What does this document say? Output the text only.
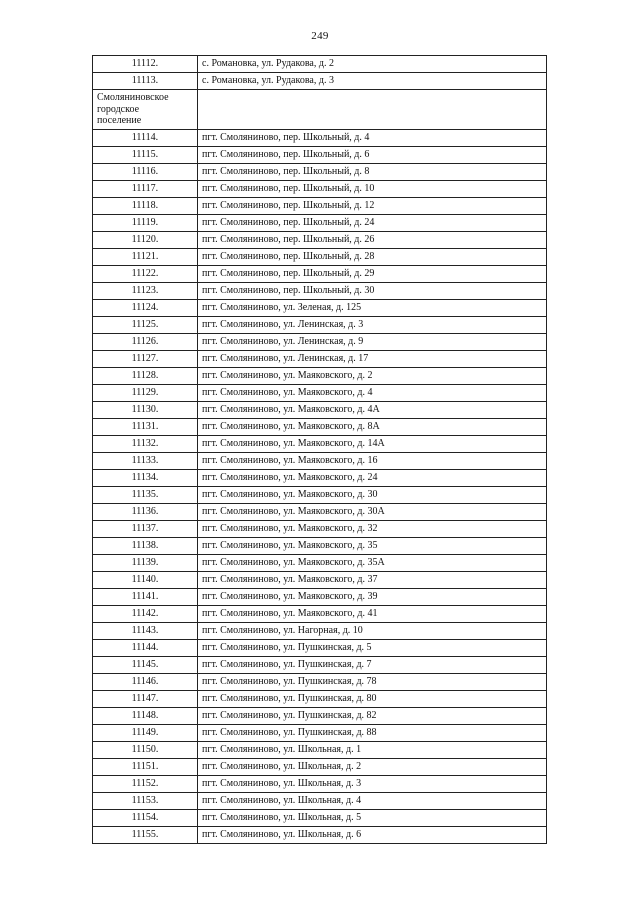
249
11112.	с. Романовка, ул. Рудакова, д. 2
11113.	с. Романовка, ул. Рудакова, д. 3

Смоляниновское
городское
поселение	

11114.	пгт. Смоляниново, пер. Школьный, д. 4
11115.	пгт. Смоляниново, пер. Школьный, д. 6
11116.	пгт. Смоляниново, пер. Школьный, д. 8
11117.	пгт. Смоляниново, пер. Школьный, д. 10
11118.	пгт. Смоляниново, пер. Школьный, д. 12
11119.	пгт. Смоляниново, пер. Школьный, д. 24
11120.	пгт. Смоляниново, пер. Школьный, д. 26
11121.	пгт. Смоляниново, пер. Школьный, д. 28
11122.	пгт. Смоляниново, пер. Школьный, д. 29
11123.	пгт. Смоляниново, пер. Школьный, д. 30
11124.	пгт. Смоляниново, ул. Зеленая, д. 125
11125.	пгт. Смоляниново, ул. Ленинская, д. 3
11126.	пгт. Смоляниново, ул. Ленинская, д. 9
11127.	пгт. Смоляниново, ул. Ленинская, д. 17
11128.	пгт. Смоляниново, ул. Маяковского, д. 2
11129.	пгт. Смоляниново, ул. Маяковского, д. 4
11130.	пгт. Смоляниново, ул. Маяковского, д. 4А
11131.	пгт. Смоляниново, ул. Маяковского, д. 8А
11132.	пгт. Смоляниново, ул. Маяковского, д. 14А
11133.	пгт. Смоляниново, ул. Маяковского, д. 16
11134.	пгт. Смоляниново, ул. Маяковского, д. 24
11135.	пгт. Смоляниново, ул. Маяковского, д. 30
11136.	пгт. Смоляниново, ул. Маяковского, д. 30А
11137.	пгт. Смоляниново, ул. Маяковского, д. 32
11138.	пгт. Смоляниново, ул. Маяковского, д. 35
11139.	пгт. Смоляниново, ул. Маяковского, д. 35А
11140.	пгт. Смоляниново, ул. Маяковского, д. 37
11141.	пгт. Смоляниново, ул. Маяковского, д. 39
11142.	пгт. Смоляниново, ул. Маяковского, д. 41
11143.	пгт. Смоляниново, ул. Нагорная, д. 10
11144.	пгт. Смоляниново, ул. Пушкинская, д. 5
11145.	пгт. Смоляниново, ул. Пушкинская, д. 7
11146.	пгт. Смоляниново, ул. Пушкинская, д. 78
11147.	пгт. Смоляниново, ул. Пушкинская, д. 80
11148.	пгт. Смоляниново, ул. Пушкинская, д. 82
11149.	пгт. Смоляниново, ул. Пушкинская, д. 88
11150.	пгт. Смоляниново, ул. Школьная, д. 1
11151.	пгт. Смоляниново, ул. Школьная, д. 2
11152.	пгт. Смоляниново, ул. Школьная, д. 3
11153.	пгт. Смоляниново, ул. Школьная, д. 4
11154.	пгт. Смоляниново, ул. Школьная, д. 5
11155.	пгт. Смоляниново, ул. Школьная, д. 6
